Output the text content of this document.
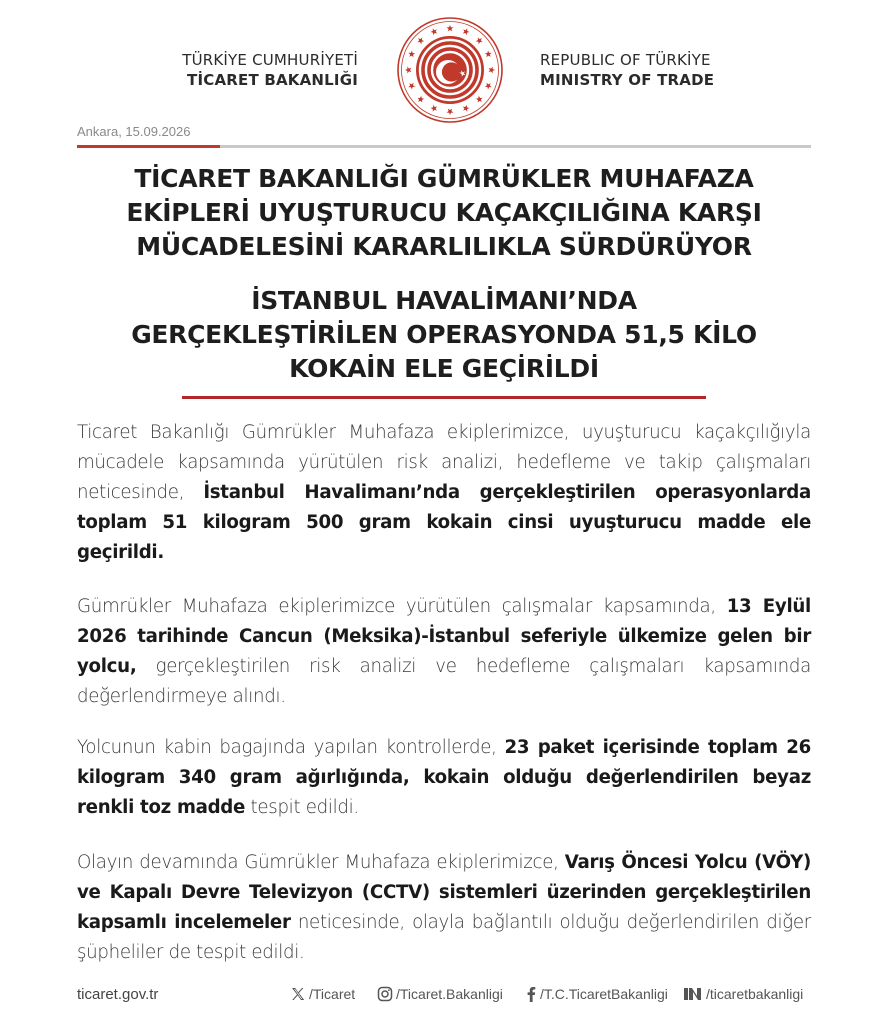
TÜRKİYE CUMHURİYETİ
TİCARET BAKANLIĞI
REPUBLIC OF TÜRKİYE
MINISTRY OF TRADE
Ankara, 15.09.2026
TİCARET BAKANLIĞI GÜMRÜKLER MUHAFAZA
EKİPLERİ UYUŞTURUCU KAÇAKÇILIĞINA KARŞI
MÜCADELESİNİ KARARLILIKLA SÜRDÜRÜYOR
İSTANBUL HAVALİMANI’NDA
GERÇEKLEŞTİRİLEN OPERASYONDA 51,5 KİLO
KOKAİN ELE GEÇİRİLDİ
Ticaret Bakanlığı Gümrükler Muhafaza ekiplerimizce, uyuşturucu kaçakçılığıyla mücadele kapsamında yürütülen risk analizi, hedefleme ve takip çalışmaları neticesinde, İstanbul Havalimanı’nda gerçekleştirilen operasyonlarda toplam 51 kilogram 500 gram kokain cinsi uyuşturucu madde ele geçirildi.
Gümrükler Muhafaza ekiplerimizce yürütülen çalışmalar kapsamında, 13 Eylül 2026 tarihinde Cancun (Meksika)-İstanbul seferiyle ülkemize gelen bir yolcu, gerçekleştirilen risk analizi ve hedefleme çalışmaları kapsamında değerlendirmeye alındı.
Yolcunun kabin bagajında yapılan kontrollerde, 23 paket içerisinde toplam 26 kilogram 340 gram ağırlığında, kokain olduğu değerlendirilen beyaz renkli toz madde tespit edildi.
Olayın devamında Gümrükler Muhafaza ekiplerimizce, Varış Öncesi Yolcu (VÖY) ve Kapalı Devre Televizyon (CCTV) sistemleri üzerinden gerçekleştirilen kapsamlı incelemeler neticesinde, olayla bağlantılı olduğu değerlendirilen diğer şüpheliler de tespit edildi.
ticaret.gov.tr	/Ticaret	/Ticaret.Bakanligi	/T.C.TicaretBakanligi	/ticaretbakanligi
